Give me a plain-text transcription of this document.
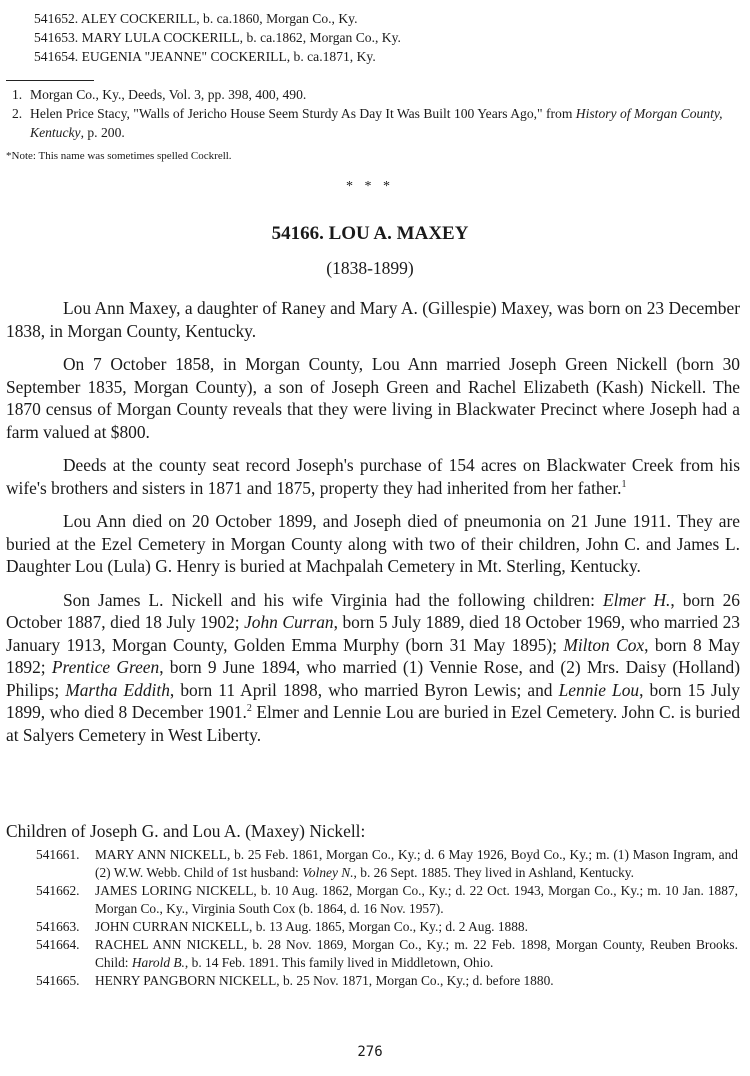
541652. ALEY COCKERILL, b. ca.1860, Morgan Co., Ky.
541653. MARY LULA COCKERILL, b. ca.1862, Morgan Co., Ky.
541654. EUGENIA "JEANNE" COCKERILL, b. ca.1871, Ky.
1. Morgan Co., Ky., Deeds, Vol. 3, pp. 398, 400, 490.
2. Helen Price Stacy, "Walls of Jericho House Seem Sturdy As Day It Was Built 100 Years Ago," from History of Morgan County, Kentucky, p. 200.
*Note: This name was sometimes spelled Cockrell.
* * *
54166. LOU A. MAXEY
(1838-1899)

Lou Ann Maxey, a daughter of Raney and Mary A. (Gillespie) Maxey, was born on 23 December 1838, in Morgan County, Kentucky.

On 7 October 1858, in Morgan County, Lou Ann married Joseph Green Nickell (born 30 September 1835, Morgan County), a son of Joseph Green and Rachel Elizabeth (Kash) Nickell. The 1870 census of Morgan County reveals that they were living in Blackwater Precinct where Joseph had a farm valued at $800.

Deeds at the county seat record Joseph's purchase of 154 acres on Blackwater Creek from his wife's brothers and sisters in 1871 and 1875, property they had inherited from her father.$^1$

Lou Ann died on 20 October 1899, and Joseph died of pneumonia on 21 June 1911. They are buried at the Ezel Cemetery in Morgan County along with two of their children, John C. and James L. Daughter Lou (Lula) G. Henry is buried at Machpalah Cemetery in Mt. Sterling, Kentucky.

Son James L. Nickell and his wife Virginia had the following children: Elmer H., born 26 October 1887, died 18 July 1902; John Curran, born 5 July 1889, died 18 October 1969, who married 23 January 1913, Morgan County, Golden Emma Murphy (born 31 May 1895); Milton Cox, born 8 May 1892; Prentice Green, born 9 June 1894, who married (1) Vennie Rose, and (2) Mrs. Daisy (Holland) Philips; Martha Eddith, born 11 April 1898, who married Byron Lewis; and Lennie Lou, born 15 July 1899, who died 8 December 1901.$^2$ Elmer and Lennie Lou are buried in Ezel Cemetery. John C. is buried at Salyers Cemetery in West Liberty.

Children of Joseph G. and Lou A. (Maxey) Nickell:
541661.	MARY ANN NICKELL, b. 25 Feb. 1861, Morgan Co., Ky.; d. 6 May 1926, Boyd Co., Ky.; m. (1) Mason Ingram, and (2) W.W. Webb. Child of 1st husband: Volney N., b. 26 Sept. 1885. They lived in Ashland, Kentucky.
541662.	JAMES LORING NICKELL, b. 10 Aug. 1862, Morgan Co., Ky.; d. 22 Oct. 1943, Morgan Co., Ky.; m. 10 Jan. 1887, Morgan Co., Ky., Virginia South Cox (b. 1864, d. 16 Nov. 1957).
541663.	JOHN CURRAN NICKELL, b. 13 Aug. 1865, Morgan Co., Ky.; d. 2 Aug. 1888.
541664.	RACHEL ANN NICKELL, b. 28 Nov. 1869, Morgan Co., Ky.; m. 22 Feb. 1898, Morgan County, Reuben Brooks. Child: Harold B., b. 14 Feb. 1891. This family lived in Middletown, Ohio.
541665.	HENRY PANGBORN NICKELL, b. 25 Nov. 1871, Morgan Co., Ky.; d. before 1880.
276
